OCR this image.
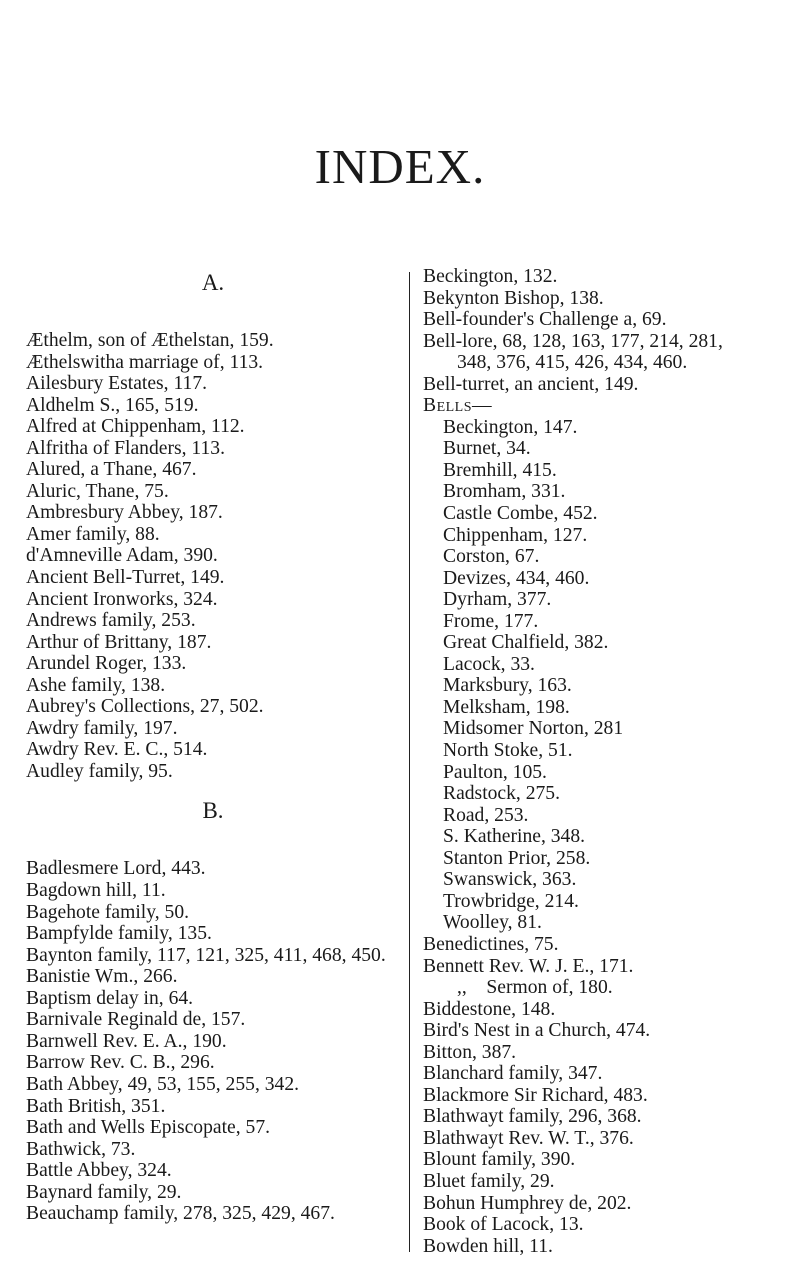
INDEX.
A.
Æthelm, son of Æthelstan, 159.
Æthelswitha marriage of, 113.
Ailesbury Estates, 117.
Aldhelm S., 165, 519.
Alfred at Chippenham, 112.
Alfritha of Flanders, 113.
Alured, a Thane, 467.
Aluric, Thane, 75.
Ambresbury Abbey, 187.
Amer family, 88.
d'Amneville Adam, 390.
Ancient Bell-Turret, 149.
Ancient Ironworks, 324.
Andrews family, 253.
Arthur of Brittany, 187.
Arundel Roger, 133.
Ashe family, 138.
Aubrey's Collections, 27, 502.
Awdry family, 197.
Awdry Rev. E. C., 514.
Audley family, 95.
B.
Badlesmere Lord, 443.
Bagdown hill, 11.
Bagehote family, 50.
Bampfylde family, 135.
Baynton family, 117, 121, 325, 411, 468, 450.
Banistie Wm., 266.
Baptism delay in, 64.
Barnivale Reginald de, 157.
Barnwell Rev. E. A., 190.
Barrow Rev. C. B., 296.
Bath Abbey, 49, 53, 155, 255, 342.
Bath British, 351.
Bath and Wells Episcopate, 57.
Bathwick, 73.
Battle Abbey, 324.
Baynard family, 29.
Beauchamp family, 278, 325, 429, 467.
Beckington, 132.
Bekynton Bishop, 138.
Bell-founder's Challenge a, 69.
Bell-lore, 68, 128, 163, 177, 214, 281,
348, 376, 415, 426, 434, 460.
Bell-turret, an ancient, 149.
Bells—
Beckington, 147.
Burnet, 34.
Bremhill, 415.
Bromham, 331.
Castle Combe, 452.
Chippenham, 127.
Corston, 67.
Devizes, 434, 460.
Dyrham, 377.
Frome, 177.
Great Chalfield, 382.
Lacock, 33.
Marksbury, 163.
Melksham, 198.
Midsomer Norton, 281
North Stoke, 51.
Paulton, 105.
Radstock, 275.
Road, 253.
S. Katherine, 348.
Stanton Prior, 258.
Swanswick, 363.
Trowbridge, 214.
Woolley, 81.
Benedictines, 75.
Bennett Rev. W. J. E., 171.
,,    Sermon of, 180.
Biddestone, 148.
Bird's Nest in a Church, 474.
Bitton, 387.
Blanchard family, 347.
Blackmore Sir Richard, 483.
Blathwayt family, 296, 368.
Blathwayt Rev. W. T., 376.
Blount family, 390.
Bluet family, 29.
Bohun Humphrey de, 202.
Book of Lacock, 13.
Bowden hill, 11.
